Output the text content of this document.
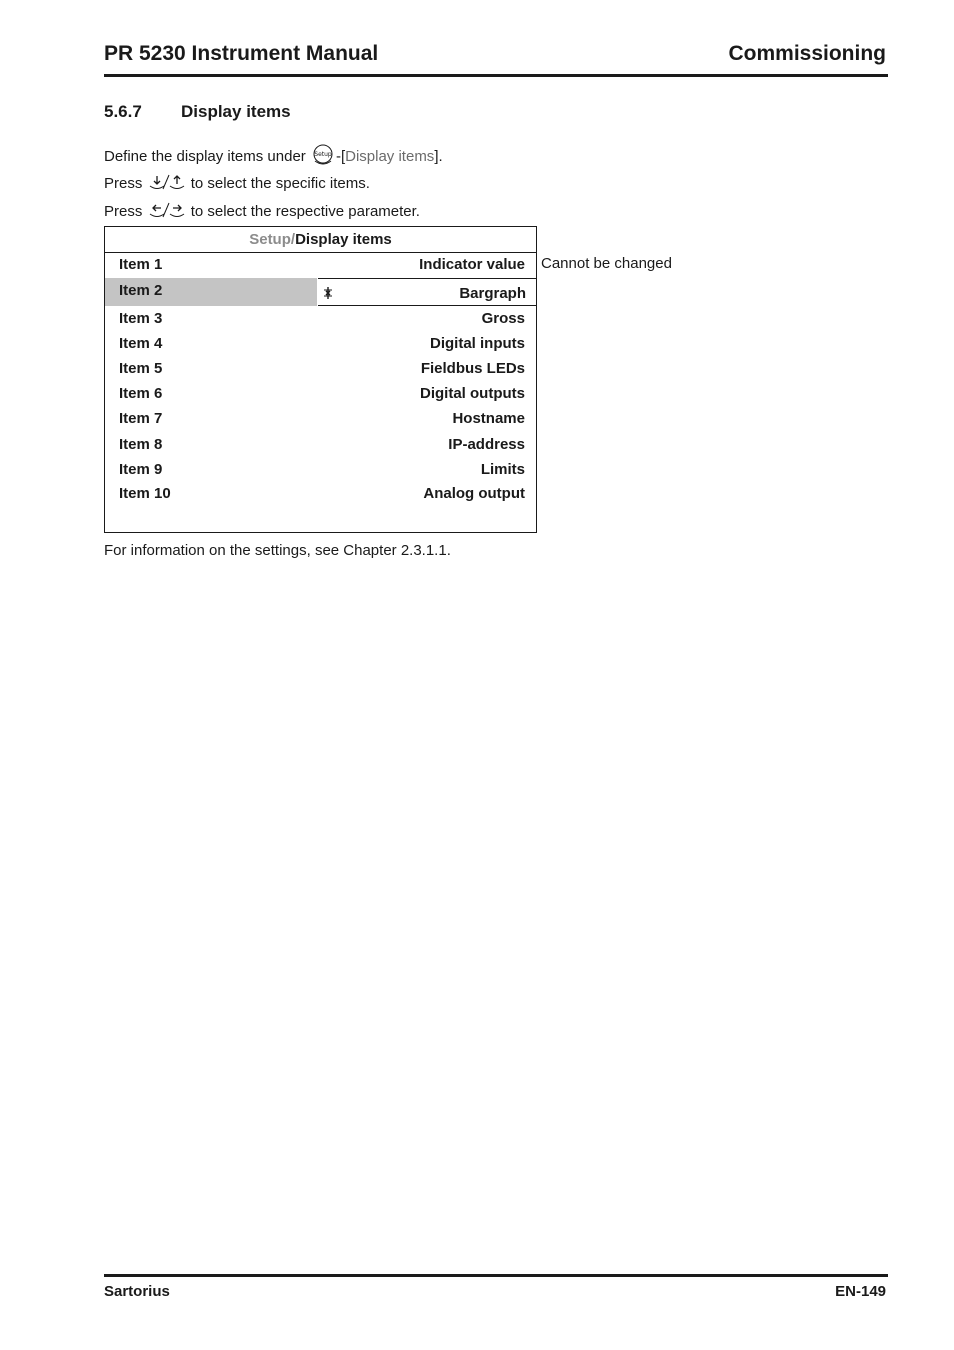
PR 5230 Instrument Manual	Commissioning
5.6.7 Display items
Define the display items under Setup -[Display items].
Press	to select the specific items.
Press	to select the respective parameter.
Setup/Display items
Item 1	Indicator value
Item 2	Bargraph
Item 3	Gross
Item 4	Digital inputs
Item 5	Fieldbus LEDs
Item 6	Digital outputs
Item 7	Hostname
Item 8	IP-address
Item 9	Limits
Item 10	Analog output
Cannot be changed
For information on the settings, see Chapter 2.3.1.1.
Sartorius	EN-149
